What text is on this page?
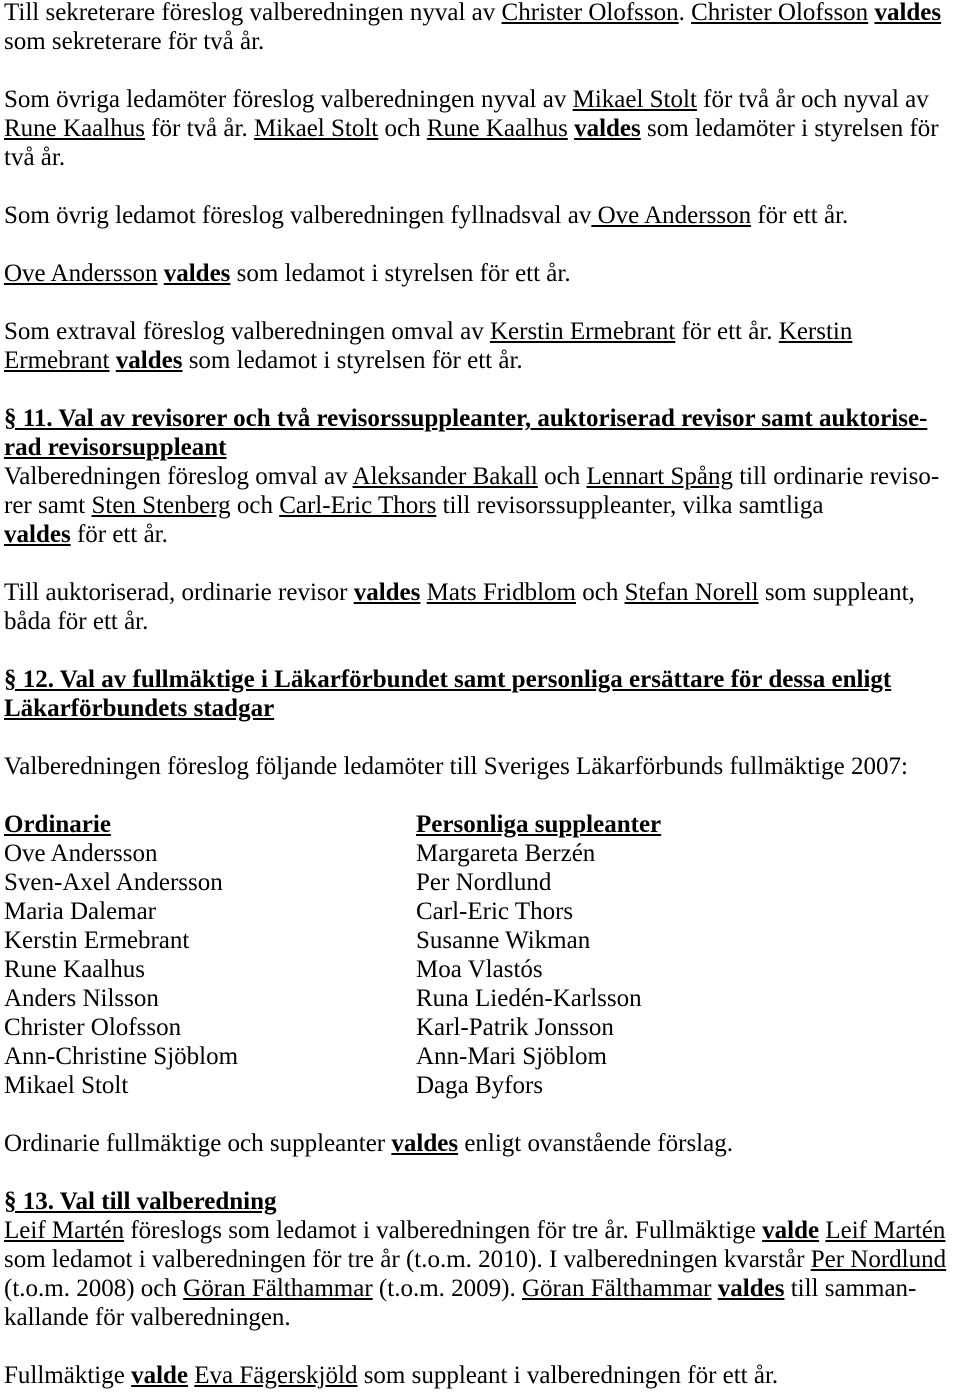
Till sekreterare föreslog valberedningen nyval av Christer Olofsson. Christer Olofsson valdes
som sekreterare för två år.
Som övriga ledamöter föreslog valberedningen nyval av Mikael Stolt för två år och nyval av
Rune Kaalhus för två år. Mikael Stolt och Rune Kaalhus valdes som ledamöter i styrelsen för
två år.
Som övrig ledamot föreslog valberedningen fyllnadsval av Ove Andersson för ett år.
Ove Andersson valdes som ledamot i styrelsen för ett år.
Som extraval föreslog valberedningen omval av Kerstin Ermebrant för ett år. Kerstin
Ermebrant valdes som ledamot i styrelsen för ett år.
§ 11. Val av revisorer och två revisorssuppleanter, auktoriserad revisor samt auktorise-
rad revisorsuppleant
Valberedningen föreslog omval av Aleksander Bakall och Lennart Spång till ordinarie reviso-
rer samt Sten Stenberg och Carl-Eric Thors till revisorssuppleanter, vilka samtliga
valdes för ett år.
Till auktoriserad, ordinarie revisor valdes Mats Fridblom och Stefan Norell som suppleant,
båda för ett år.
§ 12. Val av fullmäktige i Läkarförbundet samt personliga ersättare för dessa enligt
Läkarförbundets stadgar
Valberedningen föreslog följande ledamöter till Sveriges Läkarförbunds fullmäktige 2007:
Ordinarie	Personliga suppleanter
Ove Andersson	Margareta Berzén
Sven-Axel Andersson	Per Nordlund
Maria Dalemar	Carl-Eric Thors
Kerstin Ermebrant	Susanne Wikman
Rune Kaalhus	Moa Vlastós
Anders Nilsson	Runa Liedén-Karlsson
Christer Olofsson	Karl-Patrik Jonsson
Ann-Christine Sjöblom	Ann-Mari Sjöblom
Mikael Stolt	Daga Byfors
Ordinarie fullmäktige och suppleanter valdes enligt ovanstående förslag.
§ 13. Val till valberedning
Leif Martén föreslogs som ledamot i valberedningen för tre år. Fullmäktige valde Leif Martén
som ledamot i valberedningen för tre år (t.o.m. 2010). I valberedningen kvarstår Per Nordlund
(t.o.m. 2008) och Göran Fälthammar (t.o.m. 2009). Göran Fälthammar valdes till samman-
kallande för valberedningen.
Fullmäktige valde Eva Fägerskjöld som suppleant i valberedningen för ett år.
